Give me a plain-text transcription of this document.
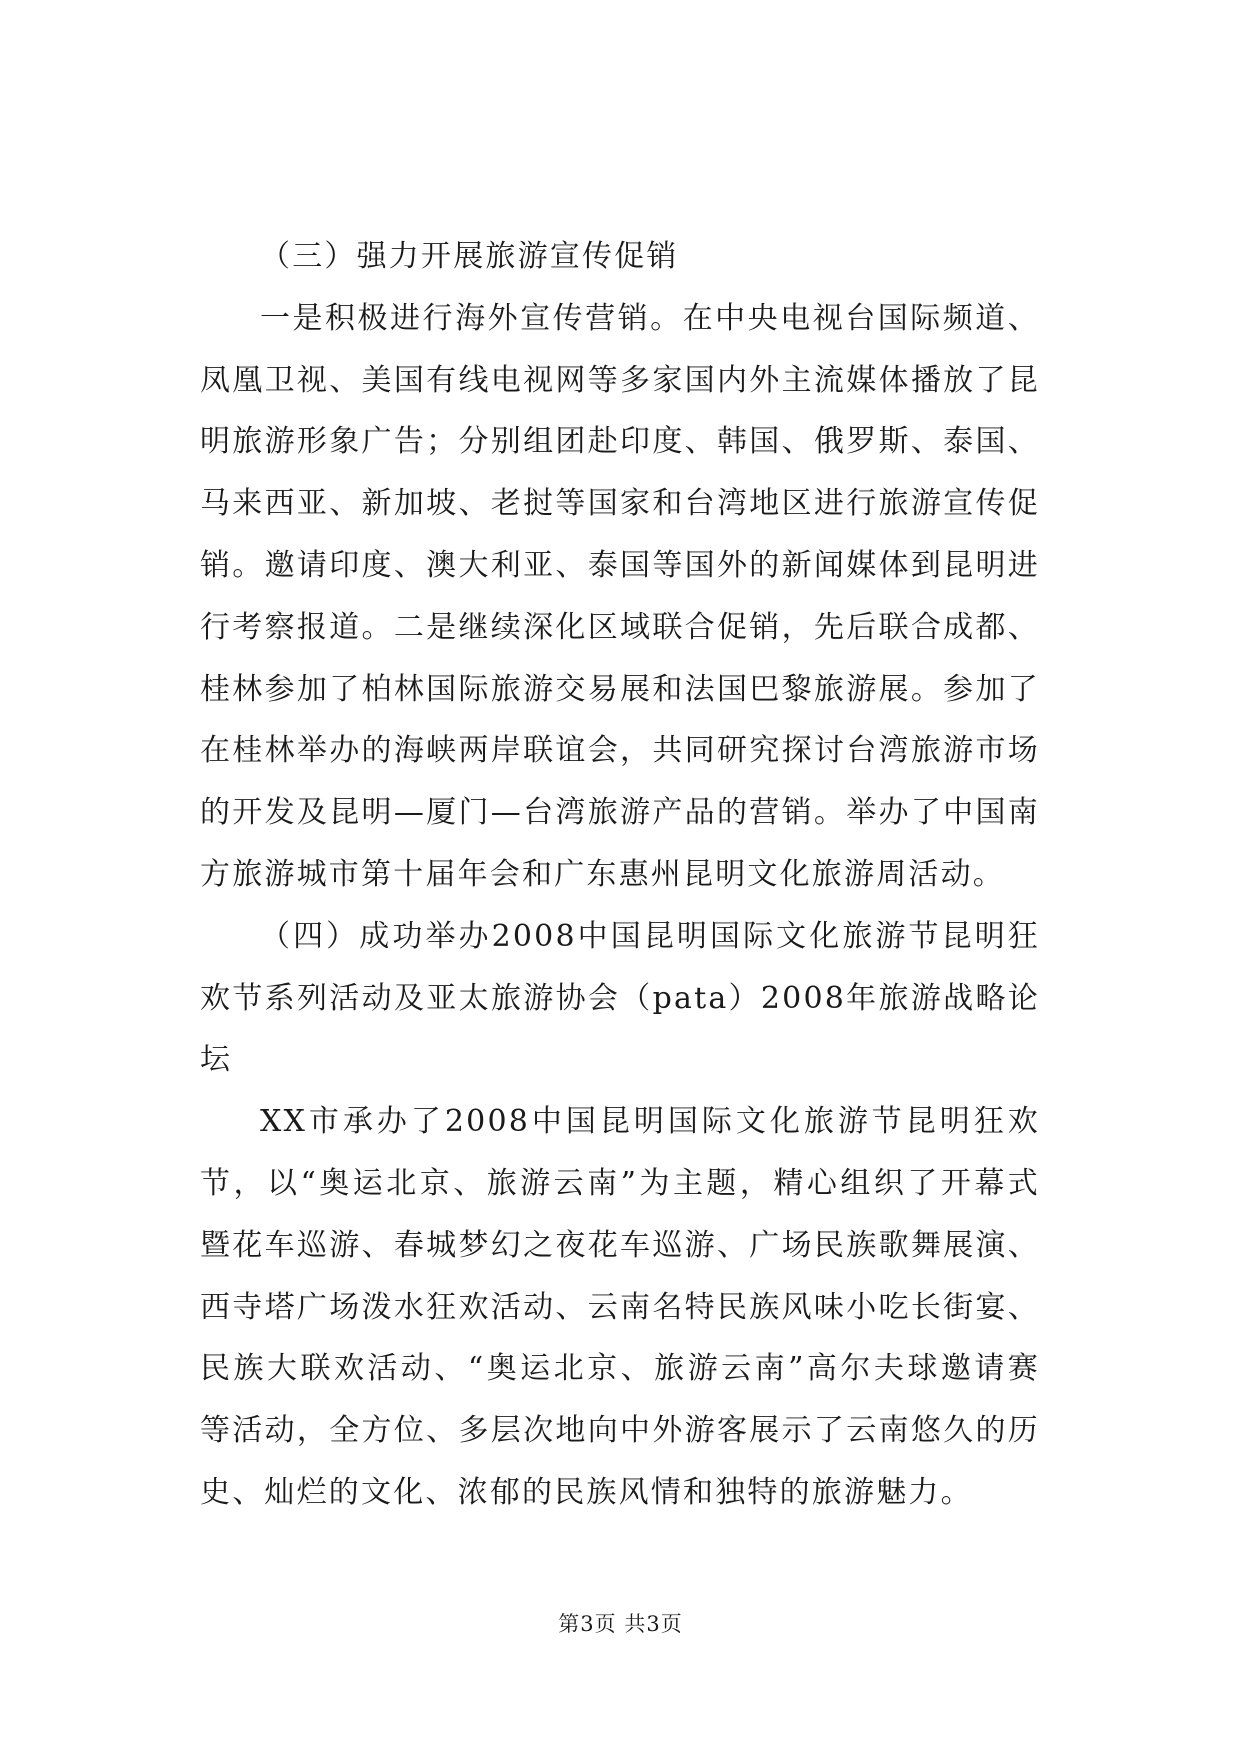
（三）强力开展旅游宣传促销

一是积极进行海外宣传营销。在中央电视台国际频道、凤凰卫视、美国有线电视网等多家国内外主流媒体播放了昆明旅游形象广告；分别组团赴印度、韩国、俄罗斯、泰国、马来西亚、新加坡、老挝等国家和台湾地区进行旅游宣传促销。邀请印度、澳大利亚、泰国等国外的新闻媒体到昆明进行考察报道。二是继续深化区域联合促销，先后联合成都、桂林参加了柏林国际旅游交易展和法国巴黎旅游展。参加了在桂林举办的海峡两岸联谊会，共同研究探讨台湾旅游市场的开发及昆明—厦门—台湾旅游产品的营销。举办了中国南方旅游城市第十届年会和广东惠州昆明文化旅游周活动。

（四）成功举办2008中国昆明国际文化旅游节昆明狂欢节系列活动及亚太旅游协会（pata）2008年旅游战略论坛

XX市承办了2008中国昆明国际文化旅游节昆明狂欢节，以“奥运北京、旅游云南”为主题，精心组织了开幕式暨花车巡游、春城梦幻之夜花车巡游、广场民族歌舞展演、西寺塔广场泼水狂欢活动、云南名特民族风味小吃长街宴、民族大联欢活动、“奥运北京、旅游云南”高尔夫球邀请赛等活动，全方位、多层次地向中外游客展示了云南悠久的历史、灿烂的文化、浓郁的民族风情和独特的旅游魅力。

第3页 共3页
